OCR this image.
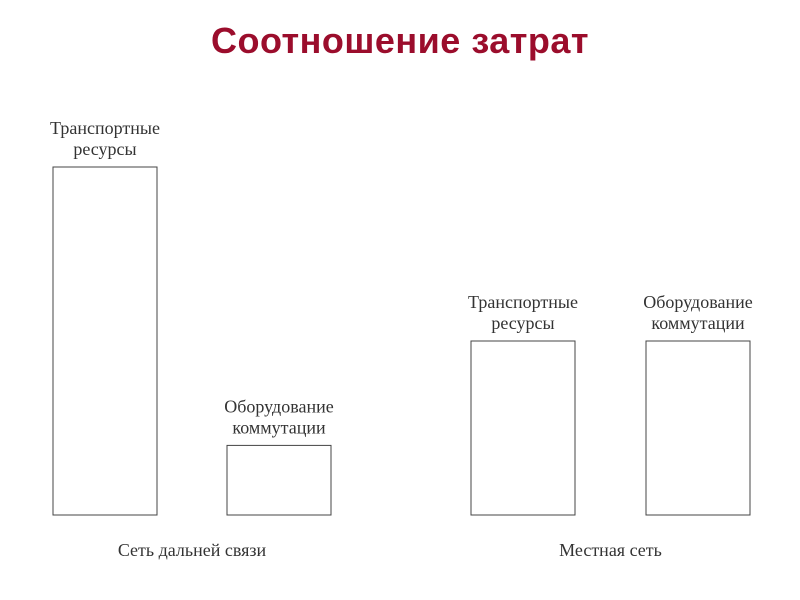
Соотношение затрат
Транспортные
ресурсы
Оборудование
коммутации
Сеть дальней связи
Транспортные
ресурсы
Оборудование
коммутации
Местная сеть
